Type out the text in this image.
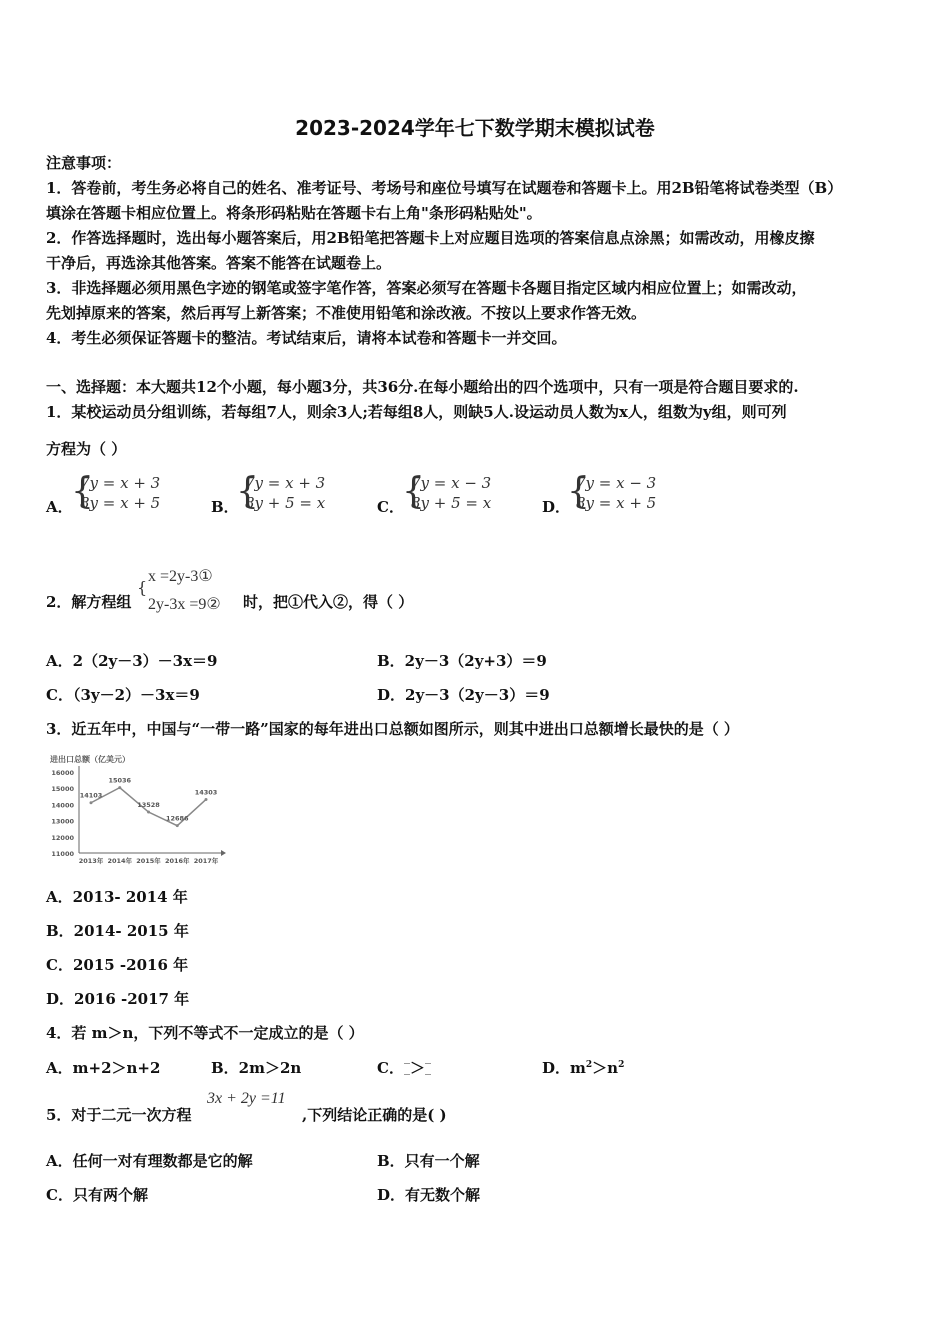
2023-2024学年七下数学期末模拟试卷
注意事项：
1．答卷前，考生务必将自己的姓名、准考证号、考场号和座位号填写在试题卷和答题卡上。用2B铅笔将试卷类型（B）
填涂在答题卡相应位置上。将条形码粘贴在答题卡右上角"条形码粘贴处"。
2．作答选择题时，选出每小题答案后，用2B铅笔把答题卡上对应题目选项的答案信息点涂黑；如需改动，用橡皮擦
干净后，再选涂其他答案。答案不能答在试题卷上。
3．非选择题必须用黑色字迹的钢笔或签字笔作答，答案必须写在答题卡各题目指定区域内相应位置上；如需改动，
先划掉原来的答案，然后再写上新答案；不准使用铅笔和涂改液。不按以上要求作答无效。
4．考生必须保证答题卡的整洁。考试结束后，请将本试卷和答题卡一并交回。
一、选择题：本大题共12个小题，每小题3分，共36分.在每小题给出的四个选项中，只有一项是符合题目要求的.
1．某校运动员分组训练，若每组7人，则余3人;若每组8人，则缺5人.设运动员人数为x人，组数为y组，则可列
方程为（ ）
A．
{
7y = x + 3
8y = x + 5	B．
{
7y = x + 3
8y + 5 = x	C．
{
7y = x − 3
8y + 5 = x	D．
{
7y = x − 3
8y = x + 5
2．解方程组
{
x =2y-3①
2y-3x =9② 时，把①代入②，得（ ）
A．2（2y－3）－3x＝9	B．2y－3（2y+3）＝9
C．（3y－2）－3x＝9	D．2y－3（2y－3）＝9
3．近五年中，中国与“一带一路”国家的每年进出口总额如图所示，则其中进出口总额增长最快的是（ ）
进出口总额（亿美元）
16000
15000
14000
13000
12000
11000
2013年 2014年 2015年 2016年 2017年
14103
15036
13528
12686
14303
A．2013- 2014 年
B．2014- 2015 年
C．2015 -2016 年
D．2016 -2017 年
4．若 m＞n，下列不等式不一定成立的是（ ）
A．m+2＞n+2	B．2m＞2n	C． ＞	D．$m^2>n^2$
5．对于二元一次方程
3x + 2y =11
,下列结论正确的是( )
A．任何一对有理数都是它的解	B．只有一个解
C．只有两个解	D．有无数个解
